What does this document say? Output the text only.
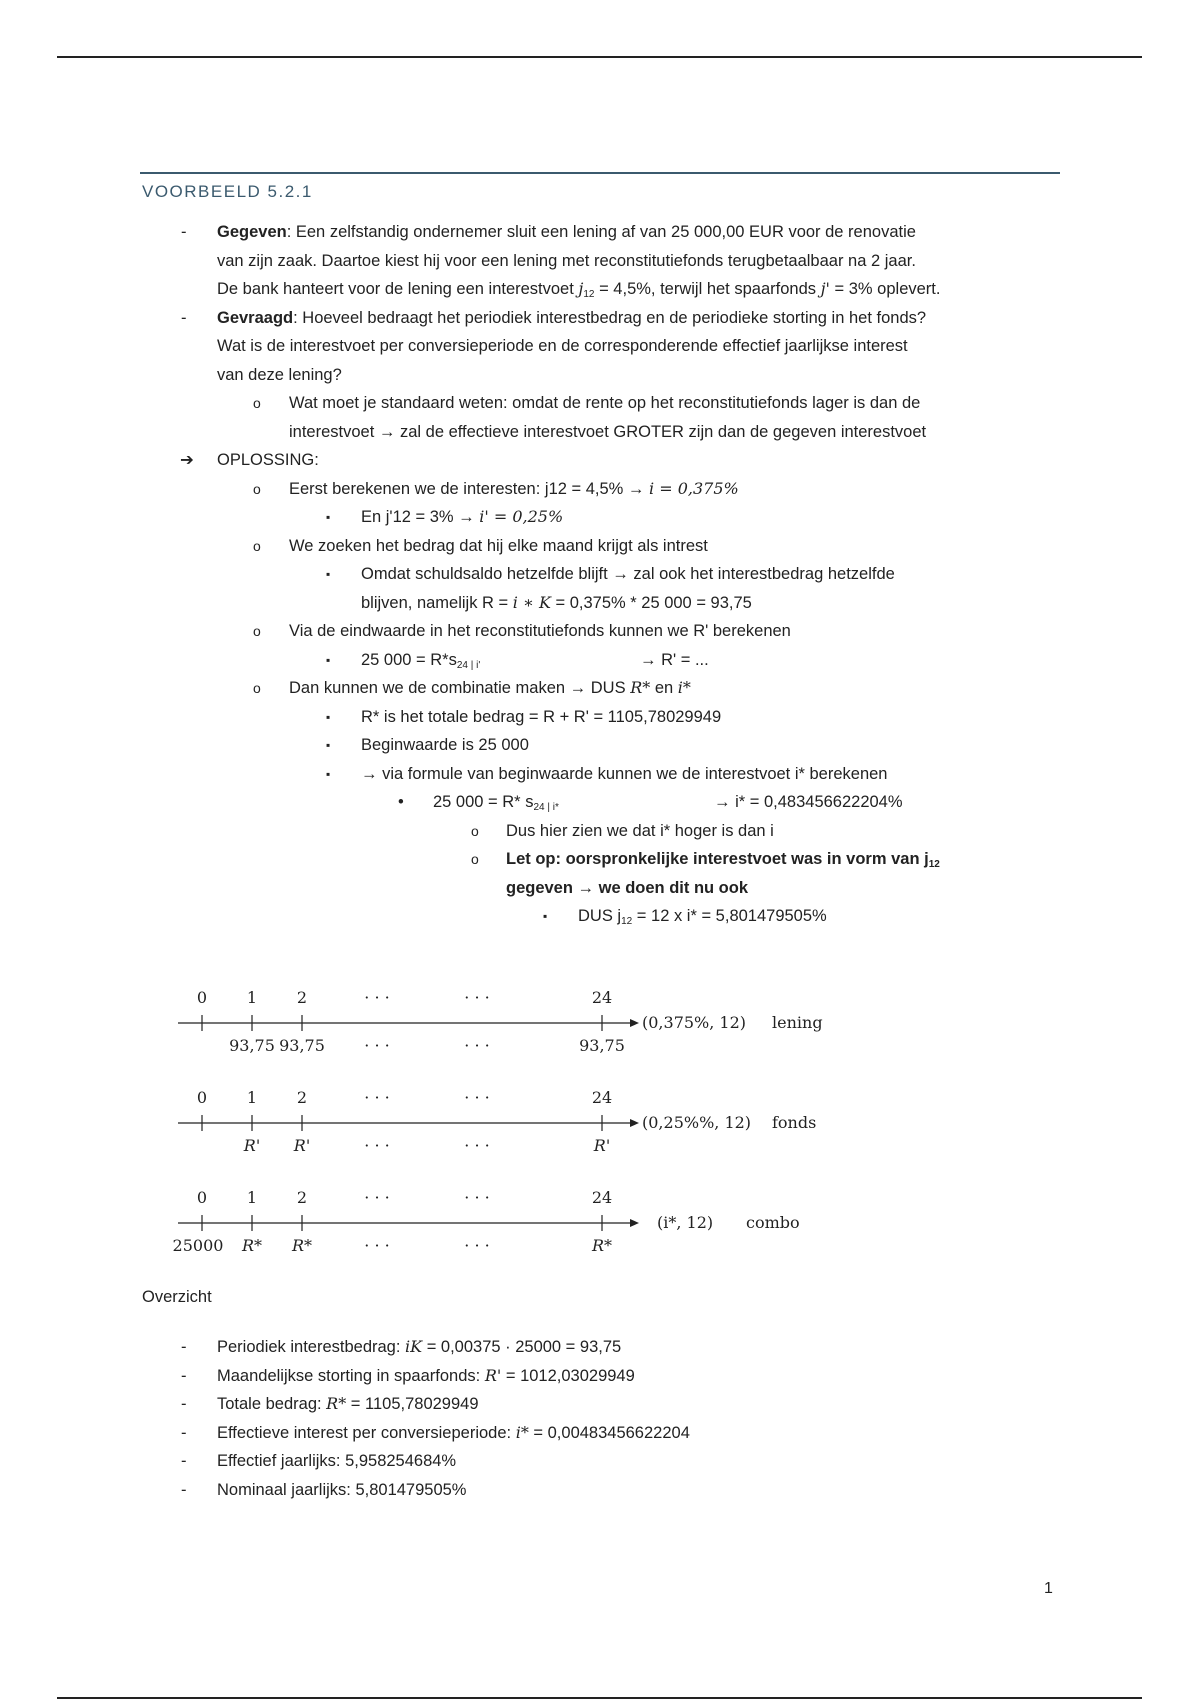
VOORBEELD 5.2.1
- Gegeven: Een zelfstandig ondernemer sluit een lening af van 25 000,00 EUR voor de renovatie
van zijn zaak. Daartoe kiest hij voor een lening met reconstitutiefonds terugbetaalbaar na 2 jaar.
De bank hanteert voor de lening een interestvoet $j_{12} = 4,5\%$, terwijl het spaarfonds j' = 3% oplevert.
- Gevraagd: Hoeveel bedraagt het periodiek interestbedrag en de periodieke storting in het fonds?
Wat is de interestvoet per conversieperiode en de corresponderende effectief jaarlijkse interest
van deze lening?
o Wat moet je standaard weten: omdat de rente op het reconstitutiefonds lager is dan de
interestvoet → zal de effectieve interestvoet GROTER zijn dan de gegeven interestvoet
➔ OPLOSSING:
o Eerst berekenen we de interesten: j12 = 4,5% → i = 0,375%
▪ En j'12 = 3% → i' = 0,25%
o We zoeken het bedrag dat hij elke maand krijgt als intrest
▪ Omdat schuldsaldo hetzelfde blijft → zal ook het interestbedrag hetzelfde
blijven, namelijk R = i ∗ K = 0,375% * 25 000 = 93,75
o Via de eindwaarde in het reconstitutiefonds kunnen we R' berekenen
▪ 25 $000 = R*s_{24 | i'}$	→ R' = ...
o Dan kunnen we de combinatie maken → DUS R* en i*
▪ R* is het totale bedrag = R + R' = 1105,78029949
▪ Beginwaarde is 25 000
▪ → via formule van beginwaarde kunnen we de interestvoet i* berekenen
• 25 000 = R* $s_{24 | i*}$	→ i* = 0,483456622204%
o Dus hier zien we dat i* hoger is dan i
o Let op: oorspronkelijke interestvoet was in vorm van $j_{12}$
gegeven → we doen dit nu ook
▪ DUS $j_{12} = 12$ x i* = 5,801479505%
0 1 2	· · ·	· · ·	24
93,75 93,75 · · ·	· · ·	93,75
(0,375%, 12) lening
0 1 2	· · ·	· · ·	24
R' R'	· · ·	· · ·	R'
(0,25%%, 12) fonds
0 1 2	· · ·	· · ·	24
25000 R* R*	· · ·	· · ·	R*
(i*, 12) combo
Overzicht
- Periodiek interestbedrag: iK = 0,00375 · 25000 = 93,75
- Maandelijkse storting in spaarfonds: R' = 1012,03029949
- Totale bedrag: R* = 1105,78029949
- Effectieve interest per conversieperiode: i* = 0,00483456622204
- Effectief jaarlijks: 5,958254684%
- Nominaal jaarlijks: 5,801479505%
1
